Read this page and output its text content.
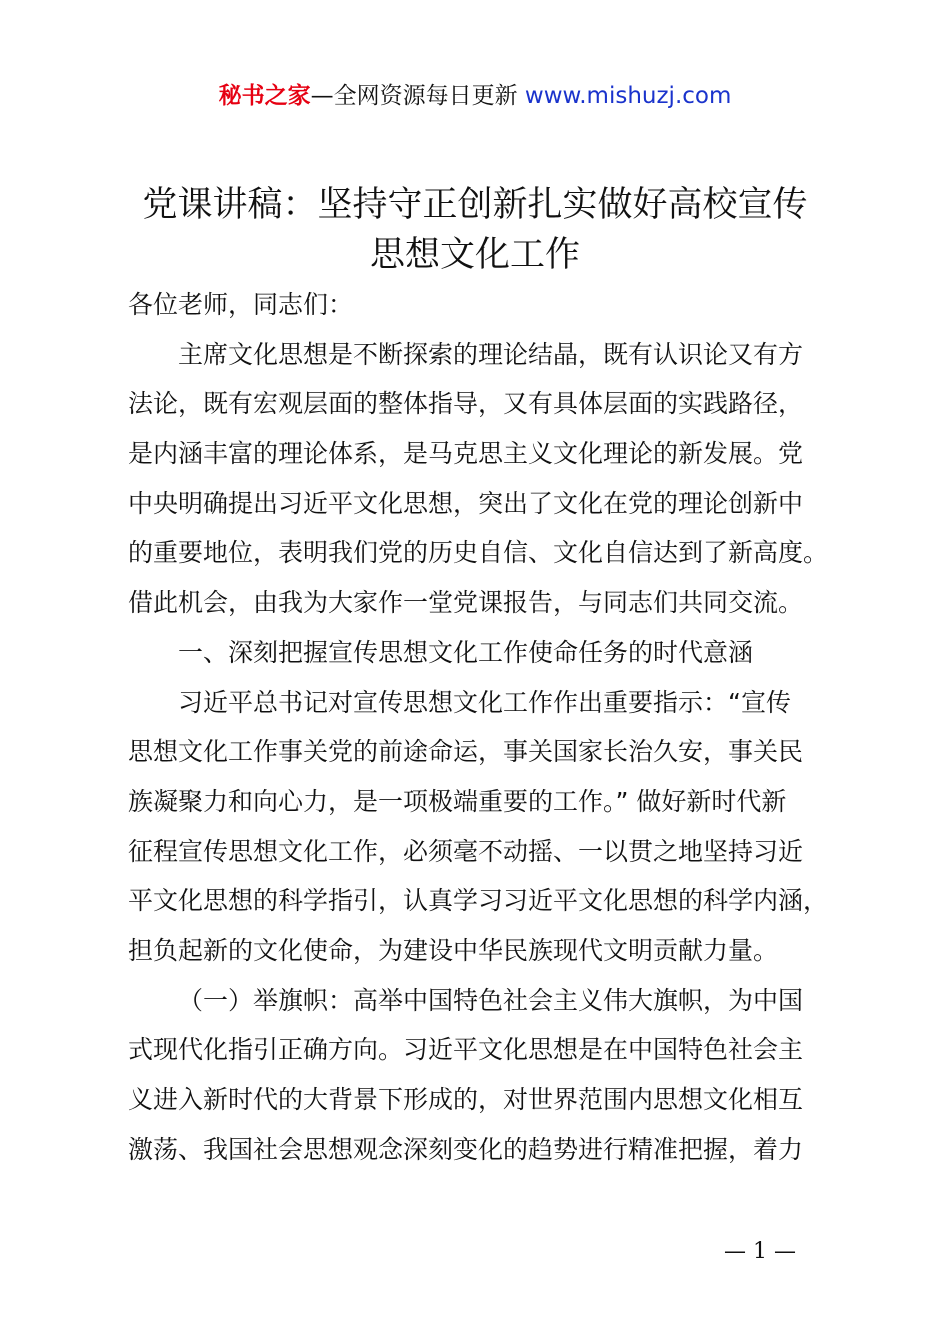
秘书之家—全网资源每日更新 www.mishuzj.com
党课讲稿：坚持守正创新扎实做好高校宣传
思想文化工作
各位老师，同志们：
主席文化思想是不断探索的理论结晶，既有认识论又有方
法论，既有宏观层面的整体指导，又有具体层面的实践路径，
是内涵丰富的理论体系，是马克思主义文化理论的新发展。党
中央明确提出习近平文化思想，突出了文化在党的理论创新中
的重要地位，表明我们党的历史自信、文化自信达到了新高度。
借此机会，由我为大家作一堂党课报告，与同志们共同交流。
一、深刻把握宣传思想文化工作使命任务的时代意涵
习近平总书记对宣传思想文化工作作出重要指示：“宣传
思想文化工作事关党的前途命运，事关国家长治久安，事关民
族凝聚力和向心力，是一项极端重要的工作。” 做好新时代新
征程宣传思想文化工作，必须毫不动摇、一以贯之地坚持习近
平文化思想的科学指引，认真学习习近平文化思想的科学内涵，
担负起新的文化使命，为建设中华民族现代文明贡献力量。
（一）举旗帜：高举中国特色社会主义伟大旗帜，为中国
式现代化指引正确方向。习近平文化思想是在中国特色社会主
义进入新时代的大背景下形成的，对世界范围内思想文化相互
激荡、我国社会思想观念深刻变化的趋势进行精准把握，着力
— 1 —
